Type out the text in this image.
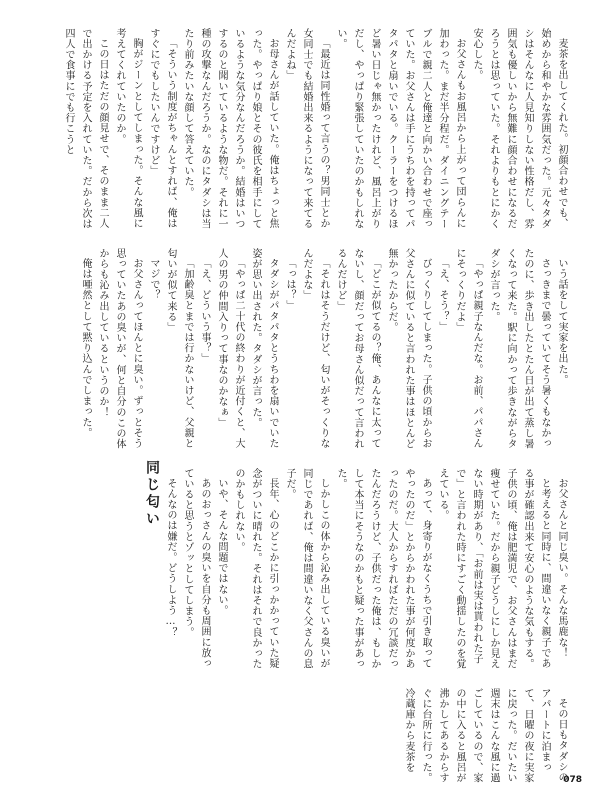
麦茶を出してくれた。初顔合わせでも、始めから和やかな雰囲気だった。元々タダシはそんなに人見知りしない性格だし、雰囲気も優しいから無難に顔合わせになるだろうとは思っていた。それよりもとにかく安心した。

お父さんもお風呂から上がって団らんに加わった。まだ半分程だ。ダイニングテーブルで親二人と俺達と向かい合わせで座っていた。お父さんは手にうちわを持ってパタパタと扇いでいる。クーラーをつけるほど暑い日じゃ無かったけれど、風呂上がりだし、やっぱり緊張していたのかもしれない。

「最近は同性婚って言うの？男同士とか女同士でも結婚出来るようになって来てるんだよね」

お母さんが話していた。俺はちょっと焦った。やっぱり娘とその彼氏を相手にしているような気分なんだろうか。結婚はいつするのと聞いているような物だ。それに一種の攻撃なんだろうか。なのにタダシは当たり前みたいな顔して答えていた。

「そういう制度がちゃんとすれば、俺はすぐにでもしたいんですけど」

胸がジーンとしてしまった。そんな風に考えてくれていたのか。

この日はただの顔見せで、そのまま二人で出かける予定を入れていた。だから次は四人で食事にでも行こうと

いう話をして実家を出た。

さっきまで曇っていてそう暑くもなかったのに、歩き出したとたん日が出て蒸し暑くなって来た。駅に向かって歩きながらタダシが言った。

「やっぱ親子なんだな。お前、パパさんにそっくりだよ」

「え、そう？」

びっくりしてしまった。子供の頃からお父さんに似ていると言われた事はほとんど無かったからだ。

「どこが似てるの？俺、あんなに太ってないし、顔だってお母さん似だって言われるんだけど」

「それはそうだけど、匂いがそっくりなんだよな」

「っは？」

タダシがパタパタとうちわを扇いでいた姿が思い出された。タダシが言った。

「やっぱ二十代の終わりが近付くと、大人の男の仲間入りって事なのかなぁ」

「え、どういう事？」

「加齢臭とまでは行かないけど、父親と匂いが似て来る」

マジで？

お父さんってほんとに臭い。ずっとそう思っていたあの臭いが、何と自分のこの体からも沁み出しているというのか！

俺は唖然として黙り込んでしまった。

お父さんと同じ臭い。そんな馬鹿な！

と考えると同時に、間違いなく親子である事が確認出来て安心のような気もする。子供の頃、俺は肥満児で、お父さんはまだ痩せていた。だから親子どうしにしか見えない時期があり、「お前は実は貰われた子で」と言われた時にすごく動揺したのを覚えている。

あって、身寄りがなくうちで引き取ってやったのだ」とからかわれた事が何度かあったのだ。大人からすればただの冗談だったんだろうけど、子供だった俺は、もしかして本当にそうなのかもと疑った事があった。

しかしこの体から沁み出している臭いが同じであれば、俺は間違いなく父さんの息子だ。

長年、心のどこかに引っかかっていた疑念がついに晴れた。それはそれで良かったのかもしれない。

いや、そんな問題ではない。

あのおっさんの臭いを自分も周囲に放っていると思うとゾッとしてしまう。

そんなのは嫌だ。どうしよう…？

同じ匂い

その日もタダシのアパートに泊まって、日曜の夜に実家に戻った。だいたい週末はこんな風に過ごしているので、家の中に入ると風呂が沸かしてあるからすぐに台所に行った。冷蔵庫から麦茶を

078
